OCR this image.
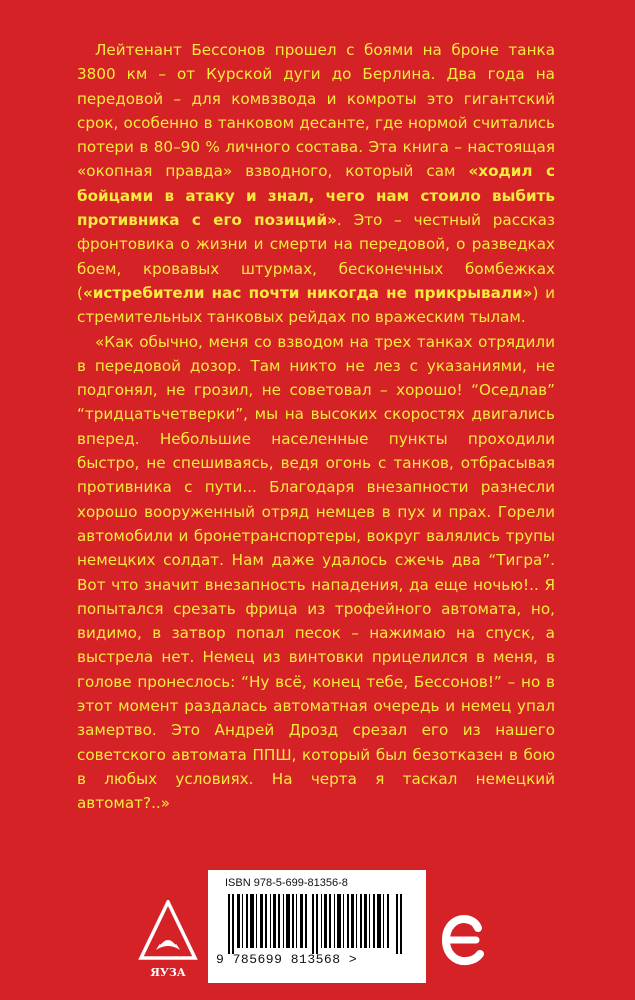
Лейтенант Бессонов прошел с боями на броне танка 3800 км – от Курской дуги до Берлина. Два года на передовой – для комвзвода и комроты это гигантский срок, особенно в танковом десанте, где нормой считались потери в 80–90 % личного состава. Эта книга – настоящая «окопная правда» взводного, который сам «ходил с бойцами в атаку и знал, чего нам стоило выбить противника с его позиций». Это – честный рассказ фронтовика о жизни и смерти на передовой, о разведках боем, кровавых штурмах, бесконечных бомбежках («истребители нас почти никогда не прикрывали») и стремительных танковых рейдах по вражеским тылам.

«Как обычно, меня со взводом на трех танках отрядили в передовой дозор. Там никто не лез с указаниями, не подгонял, не грозил, не советовал – хорошо! “Оседлав” “тридцатьчетверки”, мы на высоких скоростях двигались вперед. Небольшие населенные пункты проходили быстро, не спешиваясь, ведя огонь с танков, отбрасывая противника с пути... Благодаря внезапности разнесли хорошо вооруженный отряд немцев в пух и прах. Горели автомобили и бронетранспортеры, вокруг валялись трупы немецких солдат. Нам даже удалось сжечь два “Тигра”. Вот что значит внезапность нападения, да еще ночью!.. Я попытался срезать фрица из трофейного автомата, но, видимо, в затвор попал песок – нажимаю на спуск, а выстрела нет. Немец из винтовки прицелился в меня, в голове пронеслось: “Ну всё, конец тебе, Бессонов!” – но в этот момент раздалась автоматная очередь и немец упал замертво. Это Андрей Дрозд срезал его из нашего советского автомата ППШ, который был безотказен в бою в любых условиях. На черта я таскал немецкий автомат?..»

ЯУЗА
ISBN 978-5-699-81356-8
9 785699 813568 >
